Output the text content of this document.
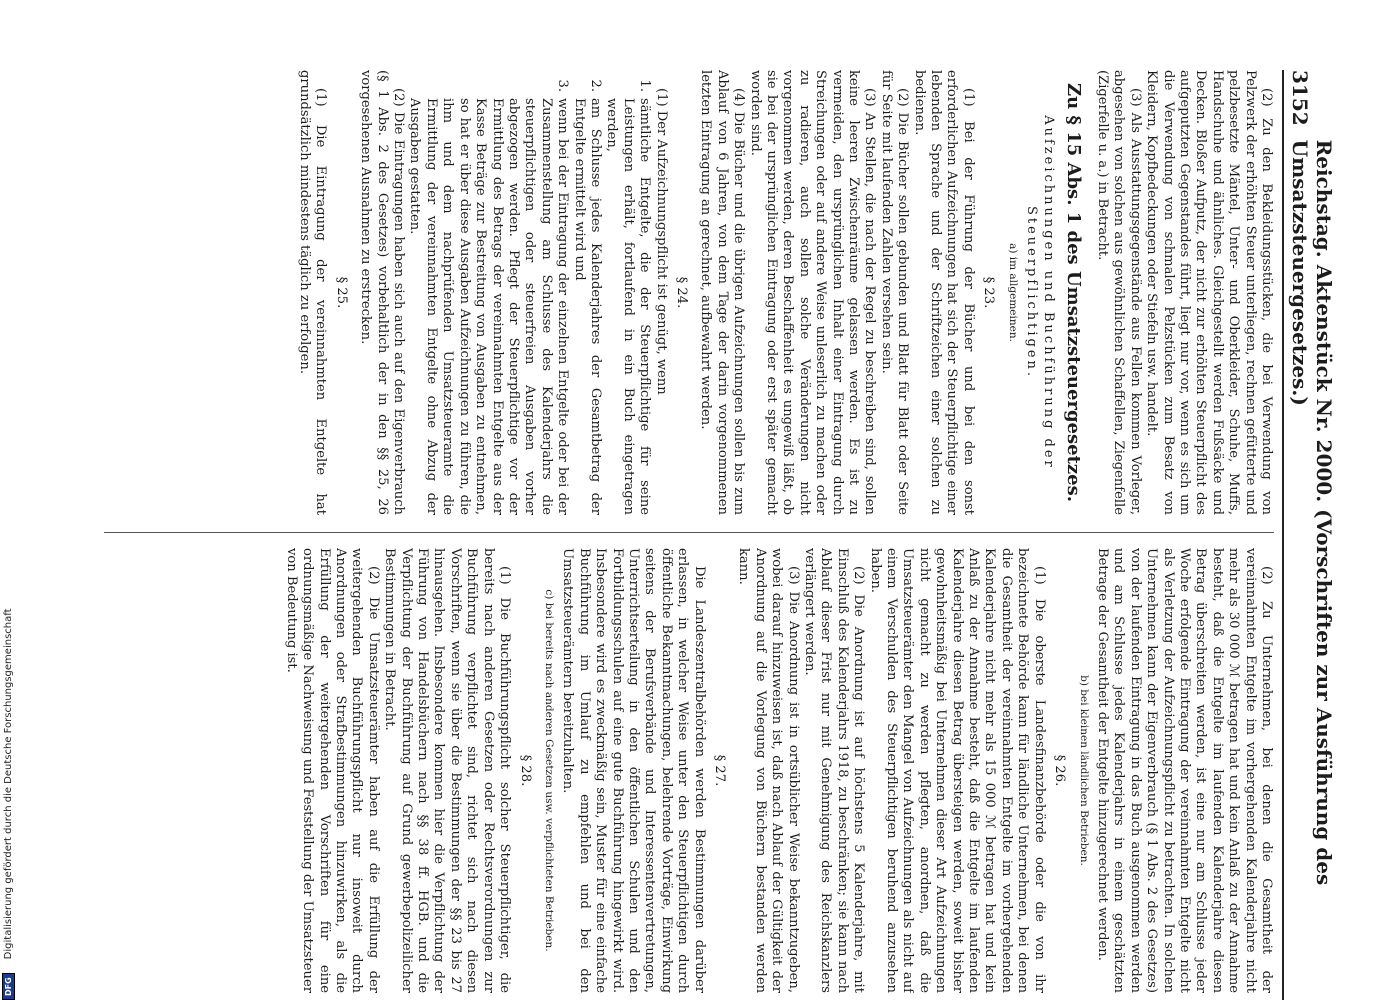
3152
Reichstag. Aktenstück Nr. 2000. (Vorschriften zur Ausführung des Umsatzsteuergesetzes.)

(2) Zu den Bekleidungsstücken, die bei Verwendung von Pelzwerk der erhöhten Steuer unterliegen, rechnen gefütterte und pelzbesetzte Mäntel, Unter- und Oberkleider, Schuhe, Muffs, Handschuhe und ähnliches. Gleichgestellt werden Fußsäcke und Decken. Bloßer Aufputz, der nicht zur erhöhten Steuerpflicht des aufgeputzten Gegenstandes führt, liegt nur vor, wenn es sich um die Verwendung von schmalen Pelzstücken zum Besatz von Kleidern, Kopfbedeckungen oder Stiefeln usw. handelt.

(3) Als Ausstattungsgegenstände aus Fellen kommen Vorleger, abgesehen von solchen aus gewöhnlichen Schaffellen, Ziegenfelle (Zigerfelle u. a.) in Betracht.

Zu § 15 Abs. 1 des Umsatzsteuergesetzes.

Aufzeichnungen und Buchführung der Steuerpflichtigen.

a) im allgemeinen.

§ 23.

(1) Bei der Führung der Bücher und bei den sonst erforderlichen Aufzeichnungen hat sich der Steuerpflichtige einer lebenden Sprache und der Schriftzeichen einer solchen zu bedienen.

(2) Die Bücher sollen gebunden und Blatt für Blatt oder Seite für Seite mit laufenden Zahlen versehen sein.

(3) An Stellen, die nach der Regel zu beschreiben sind, sollen keine leeren Zwischenräume gelassen werden. Es ist zu vermeiden, den ursprünglichen Inhalt einer Eintragung durch Streichungen oder auf andere Weise unleserlich zu machen oder zu radieren, auch sollen solche Veränderungen nicht vorgenommen werden, deren Beschaffenheit es ungewiß läßt, ob sie bei der ursprünglichen Eintragung oder erst später gemacht worden sind.

(4) Die Bücher und die übrigen Aufzeichnungen sollen bis zum Ablauf von 6 Jahren, von dem Tage der darin vorgenommenen letzten Eintragung an gerechnet, aufbewahrt werden.

§ 24.

(1) Der Aufzeichnungspflicht ist genügt, wenn

1.
sämtliche Entgelte, die der Steuerpflichtige für seine Leistungen erhält, fortlaufend in ein Buch eingetragen werden,
2.
am Schlusse jedes Kalenderjahres der Gesamtbetrag der Entgelte ermittelt wird und
3.
wenn bei der Eintragung der einzelnen Entgelte oder bei der Zusammenstellung am Schlusse des Kalenderjahrs die steuerpflichtigen oder steuerfreien Ausgaben vorher abgezogen werden. Pflegt der Steuerpflichtige vor der Ermittlung des Betrags der vereinnahmten Entgelte aus der Kasse Beträge zur Bestreitung von Ausgaben zu entnehmen, so hat er über diese Ausgaben Aufzeichnungen zu führen, die ihm und dem nachprüfenden Umsatzsteueramte die Ermittlung der vereinnahmten Entgelte ohne Abzug der Ausgaben gestatten.

(2) Die Eintragungen haben sich auch auf den Eigenverbrauch (§ 1 Abs. 2 des Gesetzes) vorbehaltlich der in den §§ 25, 26 vorgesehenen Ausnahmen zu erstrecken.

§ 25.

(1) Die Eintragung der vereinnahmten Entgelte hat grundsätzlich mindestens täglich zu erfolgen.

(2) Zu Unternehmen, bei denen die Gesamtheit der vereinnahmten Entgelte im vorhergehenden Kalenderjahre nicht mehr als 30 000 ℳ betragen hat und kein Anlaß zu der Annahme besteht, daß die Entgelte im laufenden Kalenderjahre diesen Betrag überschreiten werden, ist eine nur am Schlusse jeder Woche erfolgende Eintragung der vereinnahmten Entgelte nicht als Verletzung der Aufzeichnungspflicht zu betrachten. In solchen Unternehmen kann der Eigenverbrauch (§ 1 Abs. 2 des Gesetzes) von der laufenden Eintragung in das Buch ausgenommen werden und am Schlusse jedes Kalenderjahrs in einem geschätzten Betrage der Gesamtheit der Entgelte hinzugerechnet werden.

b) bei kleinen ländlichen Betrieben.

§ 26.

(1) Die oberste Landesfinanzbehörde oder die von ihr bezeichnete Behörde kann für ländliche Unternehmen, bei denen die Gesamtheit der vereinnahmten Entgelte im vorhergehenden Kalenderjahre nicht mehr als 15 000 ℳ betragen hat und kein Anlaß zu der Annahme besteht, daß die Entgelte im laufenden Kalenderjahre diesen Betrag übersteigen werden, soweit bisher gewohnheitsmäßig bei Unternehmen dieser Art Aufzeichnungen nicht gemacht zu werden pflegten, anordnen, daß die Umsatzsteuerämter den Mangel von Aufzeichnungen als nicht auf einem Verschulden des Steuerpflichtigen beruhend anzusehen haben.

(2) Die Anordnung ist auf höchstens 5 Kalenderjahre, mit Einschluß des Kalenderjahrs 1918, zu beschränken; sie kann nach Ablauf dieser Frist nur mit Genehmigung des Reichskanzlers verlängert werden.

(3) Die Anordnung ist in ortsüblicher Weise bekanntzugeben, wobei darauf hinzuweisen ist, daß nach Ablauf der Gültigkeit der Anordnung auf die Vorlegung von Büchern bestanden werden kann.

§ 27.

Die Landeszentralbehörden werden Bestimmungen darüber erlassen, in welcher Weise unter den Steuerpflichtigen durch öffentliche Bekanntmachungen, belehrende Vorträge, Einwirkung seitens der Berufsverbände und Interessentenvertretungen, Unterrichtserteilung in den öffentlichen Schulen und den Fortbildungsschulen auf eine gute Buchführung hingewirkt wird. Insbesondere wird es zweckmäßig sein, Muster für eine einfache Buchführung im Umlauf zu empfehlen und bei den Umsatzsteuerämtern bereitzuhalten.

c) bei bereits nach anderen Gesetzen usw. verpflichteten Betrieben.

§ 28.

(1) Die Buchführungspflicht solcher Steuerpflichtiger, die bereits nach anderen Gesetzen oder Rechtsverordnungen zur Buchführung verpflichtet sind, richtet sich nach diesen Vorschriften, wenn sie über die Bestimmungen der §§ 23 bis 27 hinausgehen. Insbesondere kommen hier die Verpflichtung der Führung von Handelsbüchern nach §§ 38 ff. HGB. und die Verpflichtung der Buchführung auf Grund gewerbepolizeilicher Bestimmungen in Betracht.

(2) Die Umsatzsteuerämter haben auf die Erfüllung der weitergehenden Buchführungspflicht nur insoweit durch Anordnungen oder Strafbestimmungen hinzuwirken, als die Erfüllung der weitergehenden Vorschriften für eine ordnungsmäßige Nachweisung und Feststellung der Umsatzsteuer von Bedeutung ist.

DFG
Digitalisierung gefördert durch die Deutsche Forschungsgemeinschaft
